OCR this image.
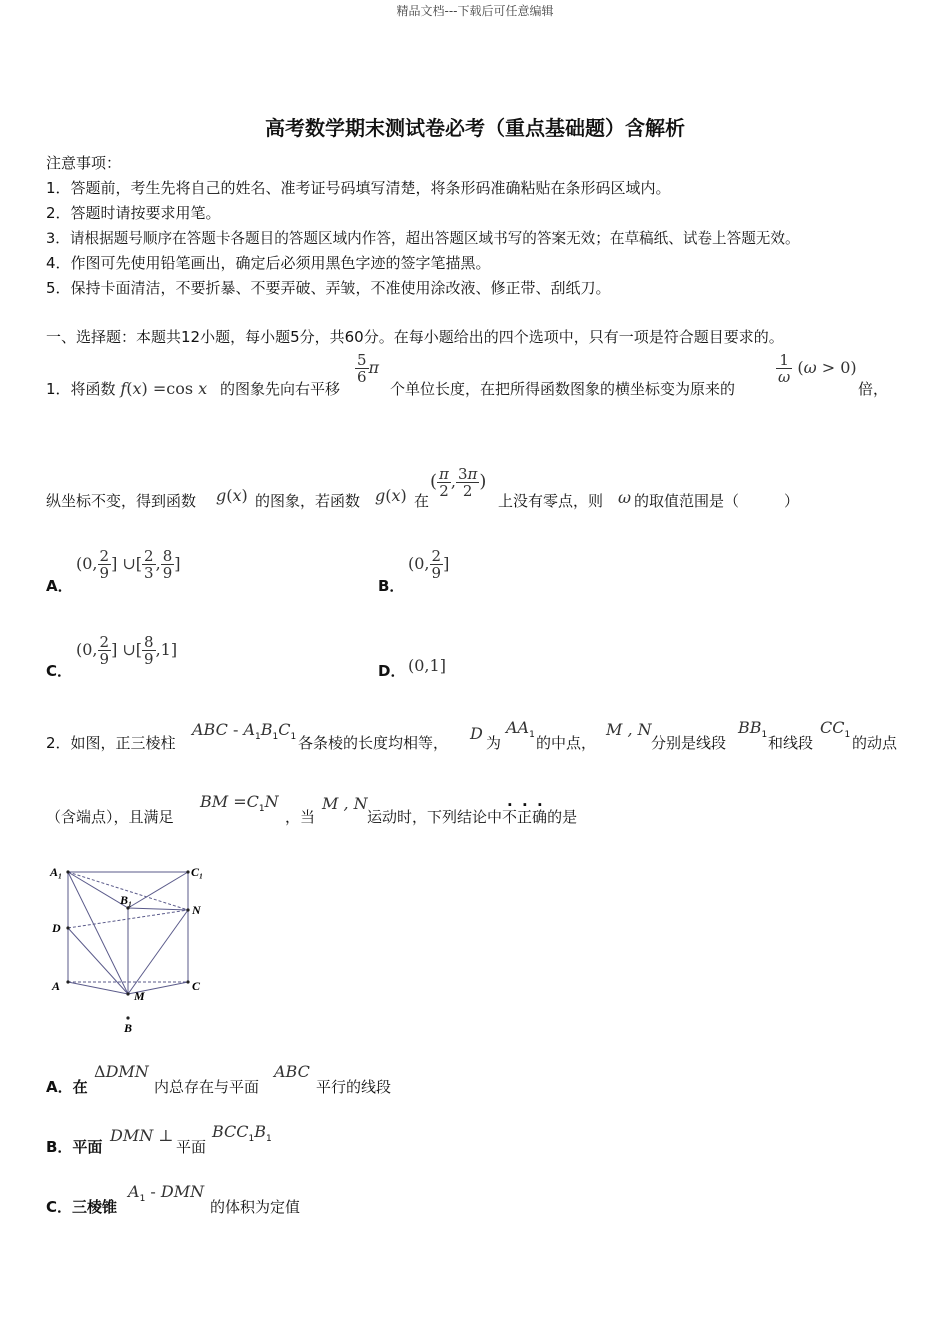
精品文档---下载后可任意编辑
高考数学期末测试卷必考（重点基础题）含解析
注意事项：
1．答题前，考生先将自己的姓名、准考证号码填写清楚，将条形码准确粘贴在条形码区域内。
2．答题时请按要求用笔。
3．请根据题号顺序在答题卡各题目的答题区域内作答，超出答题区域书写的答案无效；在草稿纸、试卷上答题无效。
4．作图可先使用铅笔画出，确定后必须用黑色字迹的签字笔描黑。
5．保持卡面清洁，不要折暴、不要弄破、弄皱，不准使用涂改液、修正带、刮纸刀。
一、选择题：本题共12小题，每小题5分，共60分。在每小题给出的四个选项中，只有一项是符合题目要求的。
1．将函数 f(x) =cos x 的图象先向右平移
$\frac{5}{6}$ π
个单位长度，在把所得函数图象的横坐标变为原来的
$\frac{1}{\omega} (\omega > 0)$
倍，
纵坐标不变，得到函数 g(x) 的图象，若函数 g(x) 在
( $\frac{\pi}{2}$ , $\frac{3\pi}{2}$ )
上没有零点，则 ω 的取值范围是（　　　）
A．
(0, $\frac{2}{9}$ ] ∪[ $\frac{2}{3}$ , $\frac{8}{9}$ ]
B．
(0, $\frac{2}{9}$ ]
C．
(0, $\frac{2}{9}$ ] ∪[ $\frac{8}{9} ,1$]
D． (0,1]
2．如图，正三棱柱
ABC - $A_1B_1C_1$ 各条棱的长度均相等， D 为
$AA_1$ 的中点，
M , N
分别是线段
$BB_1$ 和线段
$CC_1$ 的动点
（含端点），且满足
BM $=C_1N$
，当
M , N
运动时，下列结论中不正确的是
A₁	C₁
B₁
N
D
A	C
M
B
A．在
ΔDMN
内总存在与平面
ABC
平行的线段
B．平面
DMN ⊥
平面
$BCC_1B_1$
C．三棱锥
$A_1$ - DMN
的体积为定值
